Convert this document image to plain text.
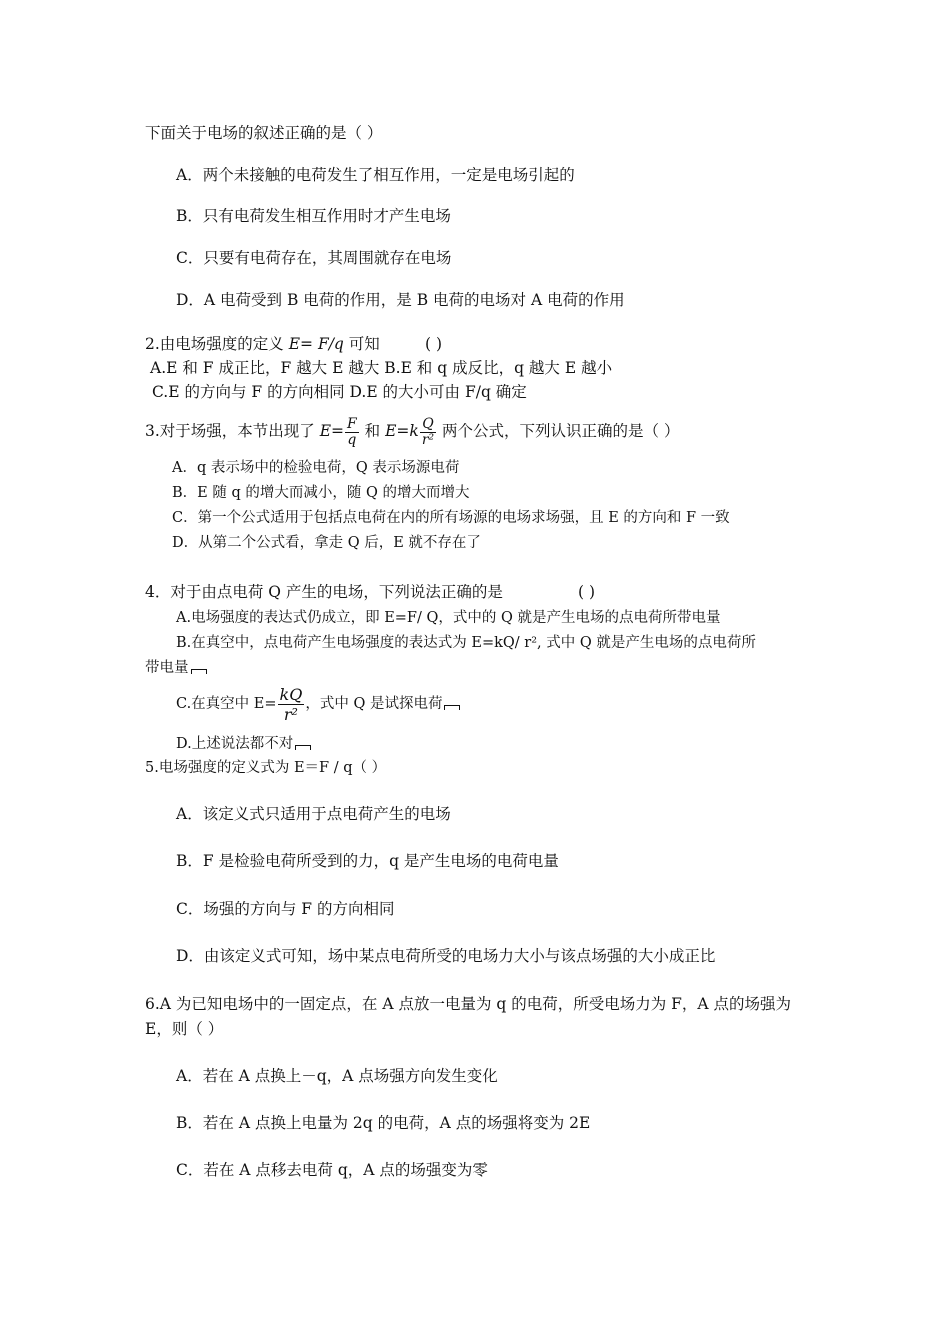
下面关于电场的叙述正确的是（ ）
A．两个未接触的电荷发生了相互作用，一定是电场引起的
B．只有电荷发生相互作用时才产生电场
C．只要有电荷存在，其周围就存在电场
D．A 电荷受到 B 电荷的作用，是 B 电荷的电场对 A 电荷的作用
2.由电场强度的定义 E= F/q 可知	( )
A.E 和 F 成正比，F 越大 E 越大 B.E 和 q 成反比，q 越大 E 越小
C.E 的方向与 F 的方向相同 D.E 的大小可由 F/q 确定
3.对于场强，本节出现了 $E= \frac{F}{q}$ 和 $E=k \frac{Q}{\text{r²}}$ 两个公式，下列认识正确的是（ ）
A．q 表示场中的检验电荷，Q 表示场源电荷
B．E 随 q 的增大而减小，随 Q 的增大而增大
C．第一个公式适用于包括点电荷在内的所有场源的电场求场强，且 E 的方向和 F 一致
D．从第二个公式看，拿走 Q 后，E 就不存在了
4．对于由点电荷 Q 产生的电场，下列说法正确的是	( )
A.电场强度的表达式仍成立，即 E=F/ Q，式中的 Q 就是产生电场的点电荷所带电量
B.在真空中，点电荷产生电场强度的表达式为 E=kQ/ r², 式中 Q 就是产生电场的点电荷所
带电量
C.在真空中 $E= \frac{kQ}{\text{r²}}$ ，式中 Q 是试探电荷
D.上述说法都不对
5.电场强度的定义式为 E＝F / q（ ）
A．该定义式只适用于点电荷产生的电场
B．F 是检验电荷所受到的力，q 是产生电场的电荷电量
C．场强的方向与 F 的方向相同
D．由该定义式可知，场中某点电荷所受的电场力大小与该点场强的大小成正比
6.A 为已知电场中的一固定点，在 A 点放一电量为 q 的电荷，所受电场力为 F，A 点的场强为
E，则（ ）
A．若在 A 点换上－q，A 点场强方向发生变化
B．若在 A 点换上电量为 2q 的电荷，A 点的场强将变为 2E
C．若在 A 点移去电荷 q，A 点的场强变为零
